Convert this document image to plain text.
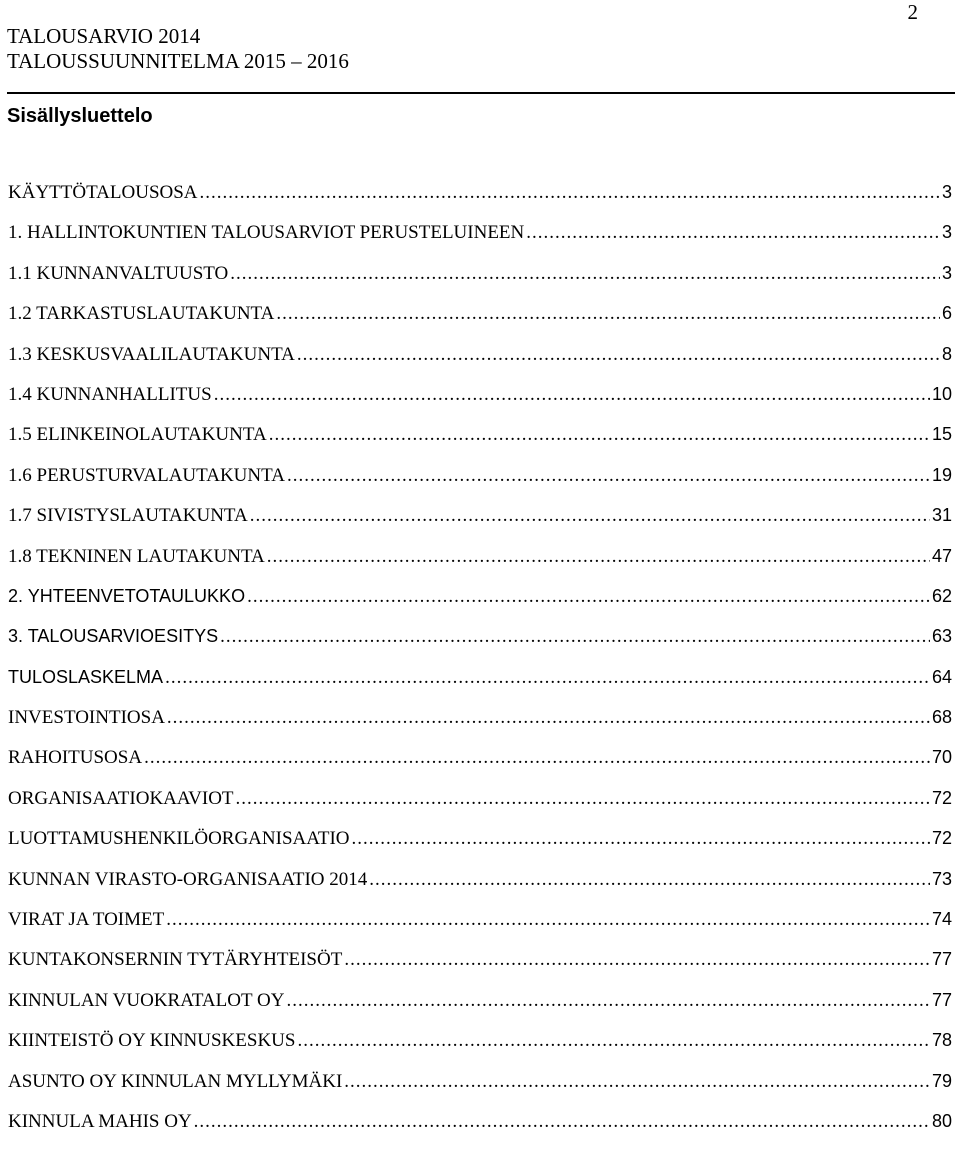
TALOUSARVIO 2014
TALOUSSUUNNITELMA 2015 – 2016
2
Sisällysluettelo
KÄYTTÖTALOUSOSA .....	3
1. HALLINTOKUNTIEN TALOUSARVIOT PERUSTELUINEEN .....	3
1.1 KUNNANVALTUUSTO .....	3
1.2 TARKASTUSLAUTAKUNTA .....	6
1.3 KESKUSVAALILAUTAKUNTA .....	8
1.4 KUNNANHALLITUS .....	10
1.5 ELINKEINOLAUTAKUNTA .....	15
1.6 PERUSTURVALAUTAKUNTA .....	19
1.7 SIVISTYSLAUTAKUNTA .....	31
1.8 TEKNINEN LAUTAKUNTA .....	47
2. YHTEENVETOTAULUKKO .....	62
3. TALOUSARVIOESITYS .....	63
TULOSLASKELMA .....	64
INVESTOINTIOSA .....	68
RAHOITUSOSA .....	70
ORGANISAATIOKAAVIOT .....	72
LUOTTAMUSHENKILÖORGANISAATIO .....	72
KUNNAN VIRASTO-ORGANISAATIO 2014 .....	73
VIRAT JA TOIMET .....	74
KUNTAKONSERNIN TYTÄRYHTEISÖT .....	77
KINNULAN VUOKRATALOT OY .....	77
KIINTEISTÖ OY KINNUSKESKUS .....	78
ASUNTO OY KINNULAN MYLLYMÄKI .....	79
KINNULA MAHIS OY .....	80
